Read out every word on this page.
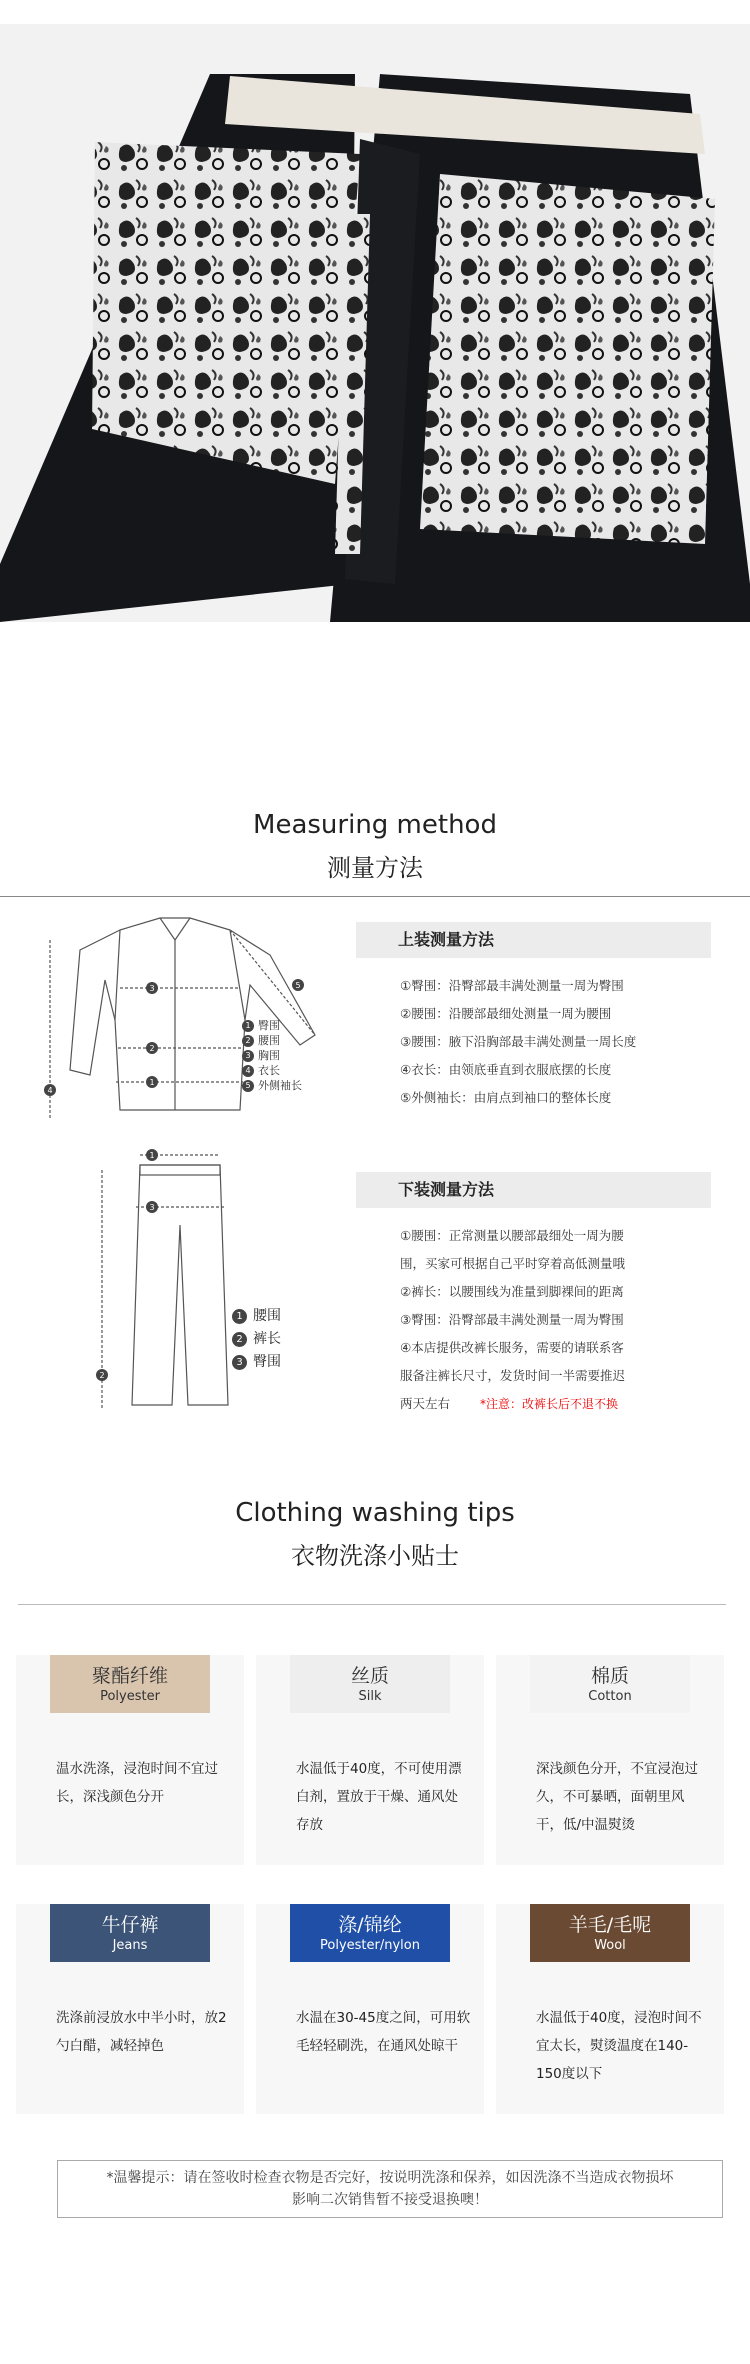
Measuring method
测量方法
3
2
1
4
5
1 臀围
2 腰围
3 胸围
4 衣长
5 外侧袖长
上装测量方法
①臀围：沿臀部最丰满处测量一周为臀围
②腰围：沿腰部最细处测量一周为腰围
③腰围：腋下沿胸部最丰满处测量一周长度
④衣长：由领底垂直到衣服底摆的长度
⑤外侧袖长：由肩点到袖口的整体长度
1
3
2
1 腰围
2 裤长
3 臀围
下装测量方法
①腰围：正常测量以腰部最细处一周为腰
围，买家可根据自己平时穿着高低测量哦
②裤长：以腰围线为准量到脚裸间的距离
③臀围：沿臀部最丰满处测量一周为臀围
④本店提供改裤长服务，需要的请联系客
服备注裤长尺寸，发货时间一半需要推迟
两天左右 *注意：改裤长后不退不换
Clothing washing tips
衣物洗涤小贴士
聚酯纤维
Polyester
温水洗涤，浸泡时间不宜过长，深浅颜色分开
丝质
Silk
水温低于40度，不可使用漂白剂，置放于干燥、通风处存放
棉质
Cotton
深浅颜色分开，不宜浸泡过久，不可暴晒，面朝里风干，低/中温熨烫
牛仔裤
Jeans
洗涤前浸放水中半小时，放2勺白醋，减轻掉色
涤/锦纶
Polyester/nylon
水温在30-45度之间，可用软毛轻轻刷洗，在通风处晾干
羊毛/毛呢
Wool
水温低于40度，浸泡时间不宜太长，熨烫温度在140-150度以下
*温馨提示：请在签收时检查衣物是否完好，按说明洗涤和保养，如因洗涤不当造成衣物损坏
影响二次销售暂不接受退换噢！
